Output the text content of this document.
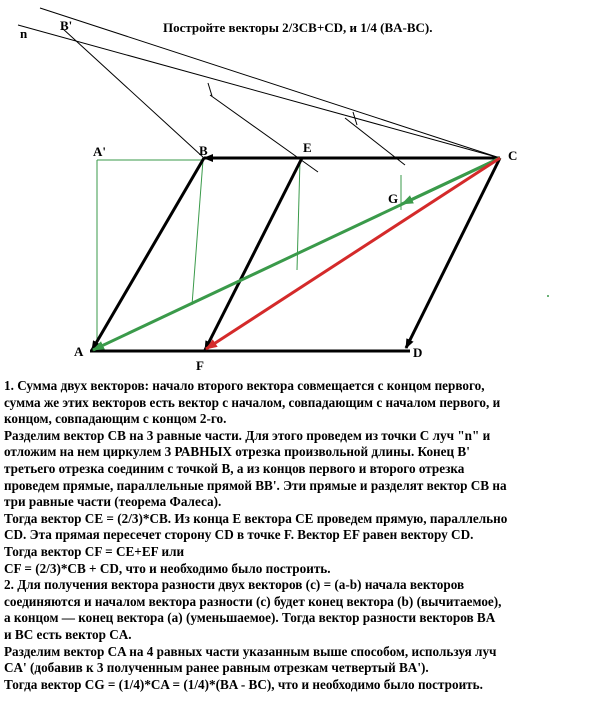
Постройте векторы 2/3CB+CD, и 1/4 (BA-BC).
n
B'
A'	B	E
C
G
A
F
D
1. Сумма двух векторов: начало второго вектора совмещается с концом первого,
сумма же этих векторов есть вектор с началом, совпадающим с началом первого, и
концом, совпадающим с концом 2-го.
Разделим вектор CB на 3 равные части. Для этого проведем из точки C луч "n" и
отложим на нем циркулем 3 РАВНЫХ отрезка произвольной длины. Конец B'
третьего отрезка соединим с точкой B, а из концов первого и второго отрезка
проведем прямые, параллельные прямой BB'. Эти прямые и разделят вектор CB на
три равные части (теорема Фалеса).
Тогда вектор CE = (2/3)*CB. Из конца E вектора CE проведем прямую, параллельно
CD. Эта прямая пересечет сторону CD в точке F. Вектор EF равен вектору CD.
Тогда вектор CF = CE+EF или
CF = (2/3)*CB + CD, что и необходимо было построить.
2. Для получения вектора разности двух векторов (c) = (a-b) начала векторов
соединяются и началом вектора разности (c) будет конец вектора (b) (вычитаемое),
а концом — конец вектора (a) (уменьшаемое). Тогда вектор разности векторов BA
и BC есть вектор CA.
Разделим вектор CA на 4 равных части указанным выше способом, используя луч
CA' (добавив к 3 полученным ранее равным отрезкам четвертый BA').
Тогда вектор CG = (1/4)*CA = (1/4)*(BA - BC), что и необходимо было построить.
